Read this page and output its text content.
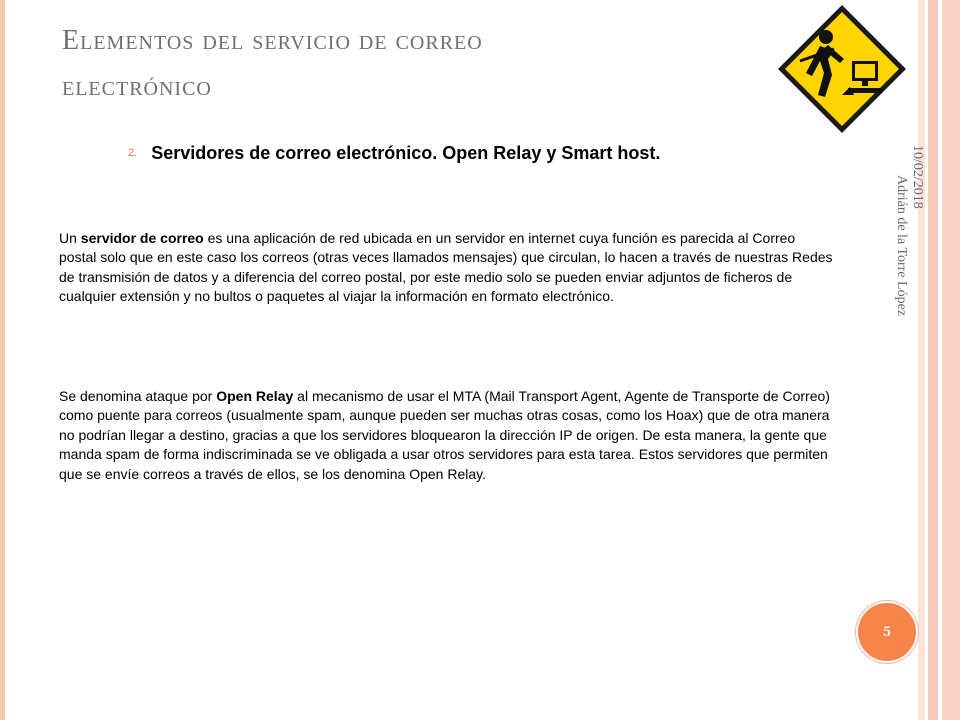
Elementos del servicio de correo
electrónico
2. Servidores de correo electrónico. Open Relay y Smart host.

Un servidor de correo es una aplicación de red ubicada en un servidor en internet cuya función es parecida al Correo postal solo que en este caso los correos (otras veces llamados mensajes) que circulan, lo hacen a través de nuestras Redes de transmisión de datos y a diferencia del correo postal, por este medio solo se pueden enviar adjuntos de ficheros de cualquier extensión y no bultos o paquetes al viajar la información en formato electrónico.

Se denomina ataque por Open Relay al mecanismo de usar el MTA (Mail Transport Agent, Agente de Transporte de Correo) como puente para correos (usualmente spam, aunque pueden ser muchas otras cosas, como los Hoax) que de otra manera no podrían llegar a destino, gracias a que los servidores bloquearon la dirección IP de origen. De esta manera, la gente que manda spam de forma indiscriminada se ve obligada a usar otros servidores para esta tarea. Estos servidores que permiten que se envíe correos a través de ellos, se los denomina Open Relay.

10/02/2018
Adrián de la Torre López
5
